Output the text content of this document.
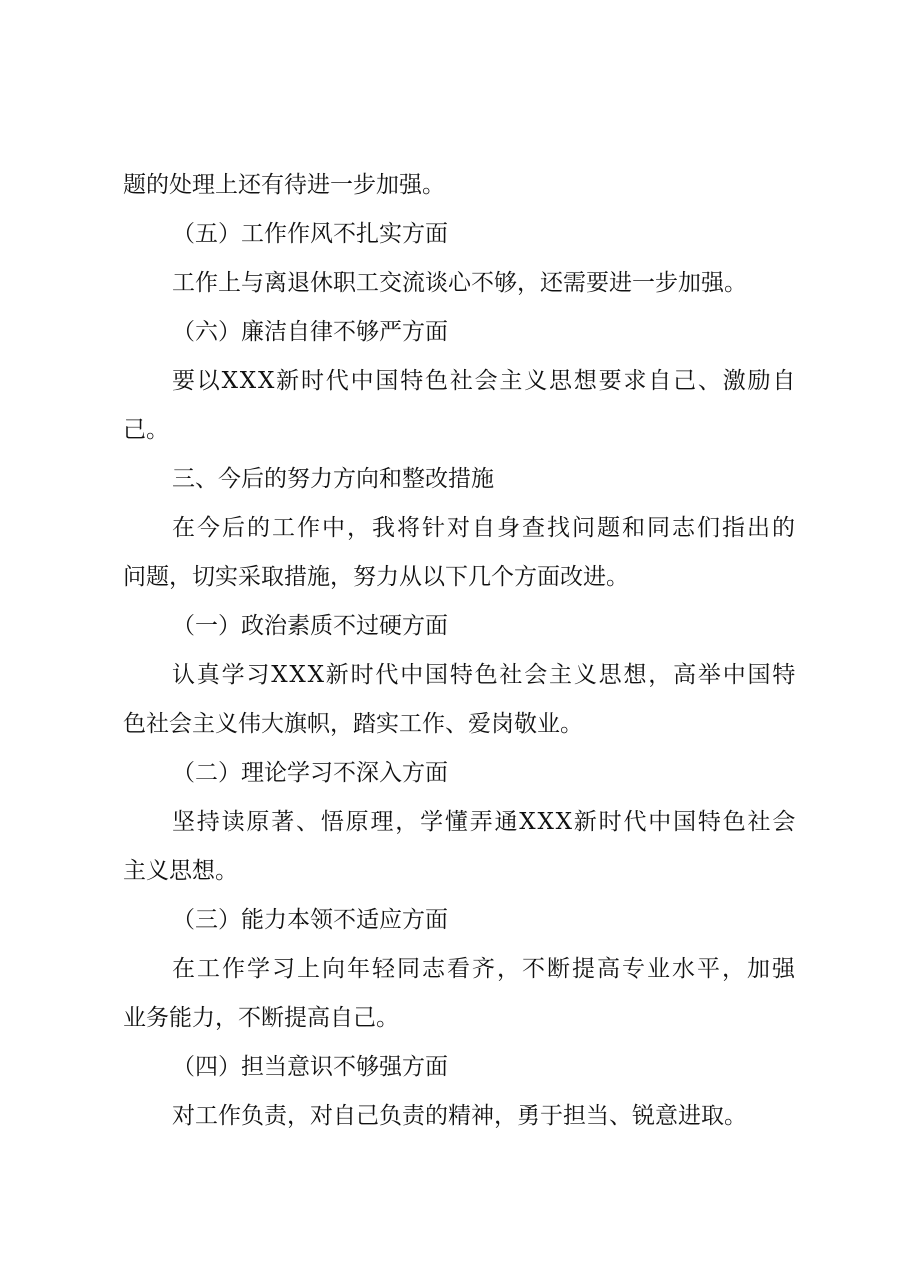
题的处理上还有待进一步加强。
（五）工作作风不扎实方面
工作上与离退休职工交流谈心不够，还需要进一步加强。
（六）廉洁自律不够严方面
要以XXX新时代中国特色社会主义思想要求自己、激励自
己。
三、今后的努力方向和整改措施
在今后的工作中，我将针对自身查找问题和同志们指出的
问题，切实采取措施，努力从以下几个方面改进。
（一）政治素质不过硬方面
认真学习XXX新时代中国特色社会主义思想，高举中国特
色社会主义伟大旗帜，踏实工作、爱岗敬业。
（二）理论学习不深入方面
坚持读原著、悟原理，学懂弄通XXX新时代中国特色社会
主义思想。
（三）能力本领不适应方面
在工作学习上向年轻同志看齐，不断提高专业水平，加强
业务能力，不断提高自己。
（四）担当意识不够强方面
对工作负责，对自己负责的精神，勇于担当、锐意进取。
